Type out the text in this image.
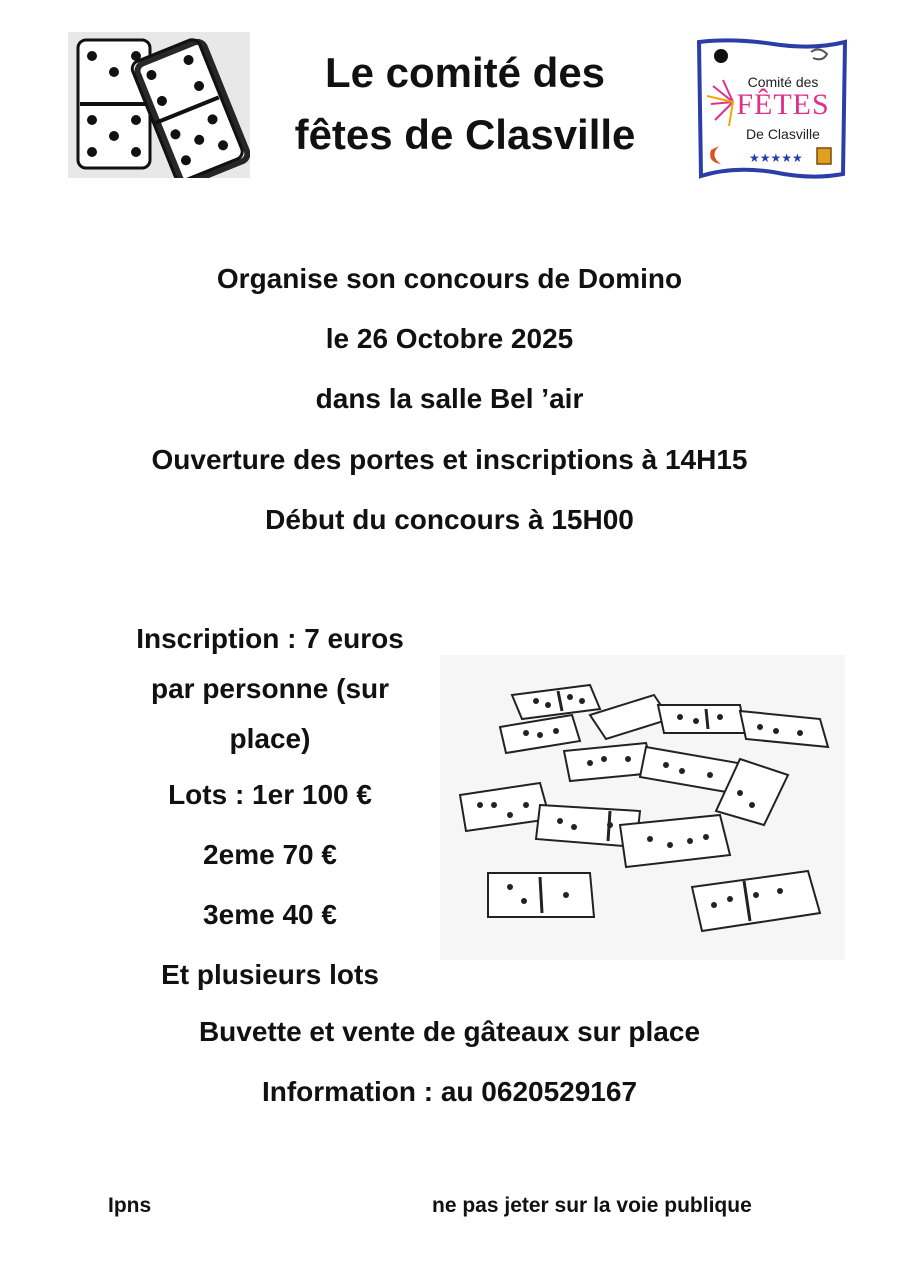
Le comité des
fêtes de Clasville	★★★★★
Comité des
FÊTES
De Clasville
Organise son concours de Domino
le 26 Octobre 2025
dans la salle Bel ’air
Ouverture des portes et inscriptions à 14H15
Début du concours à 15H00
Inscription : 7 euros
par personne (sur
place)
Lots : 1er 100 €
2eme 70 €
3eme 40 €
Et plusieurs lots
Buvette et vente de gâteaux sur place
Information : au 0620529167
Ipns	ne pas jeter sur la voie publique
